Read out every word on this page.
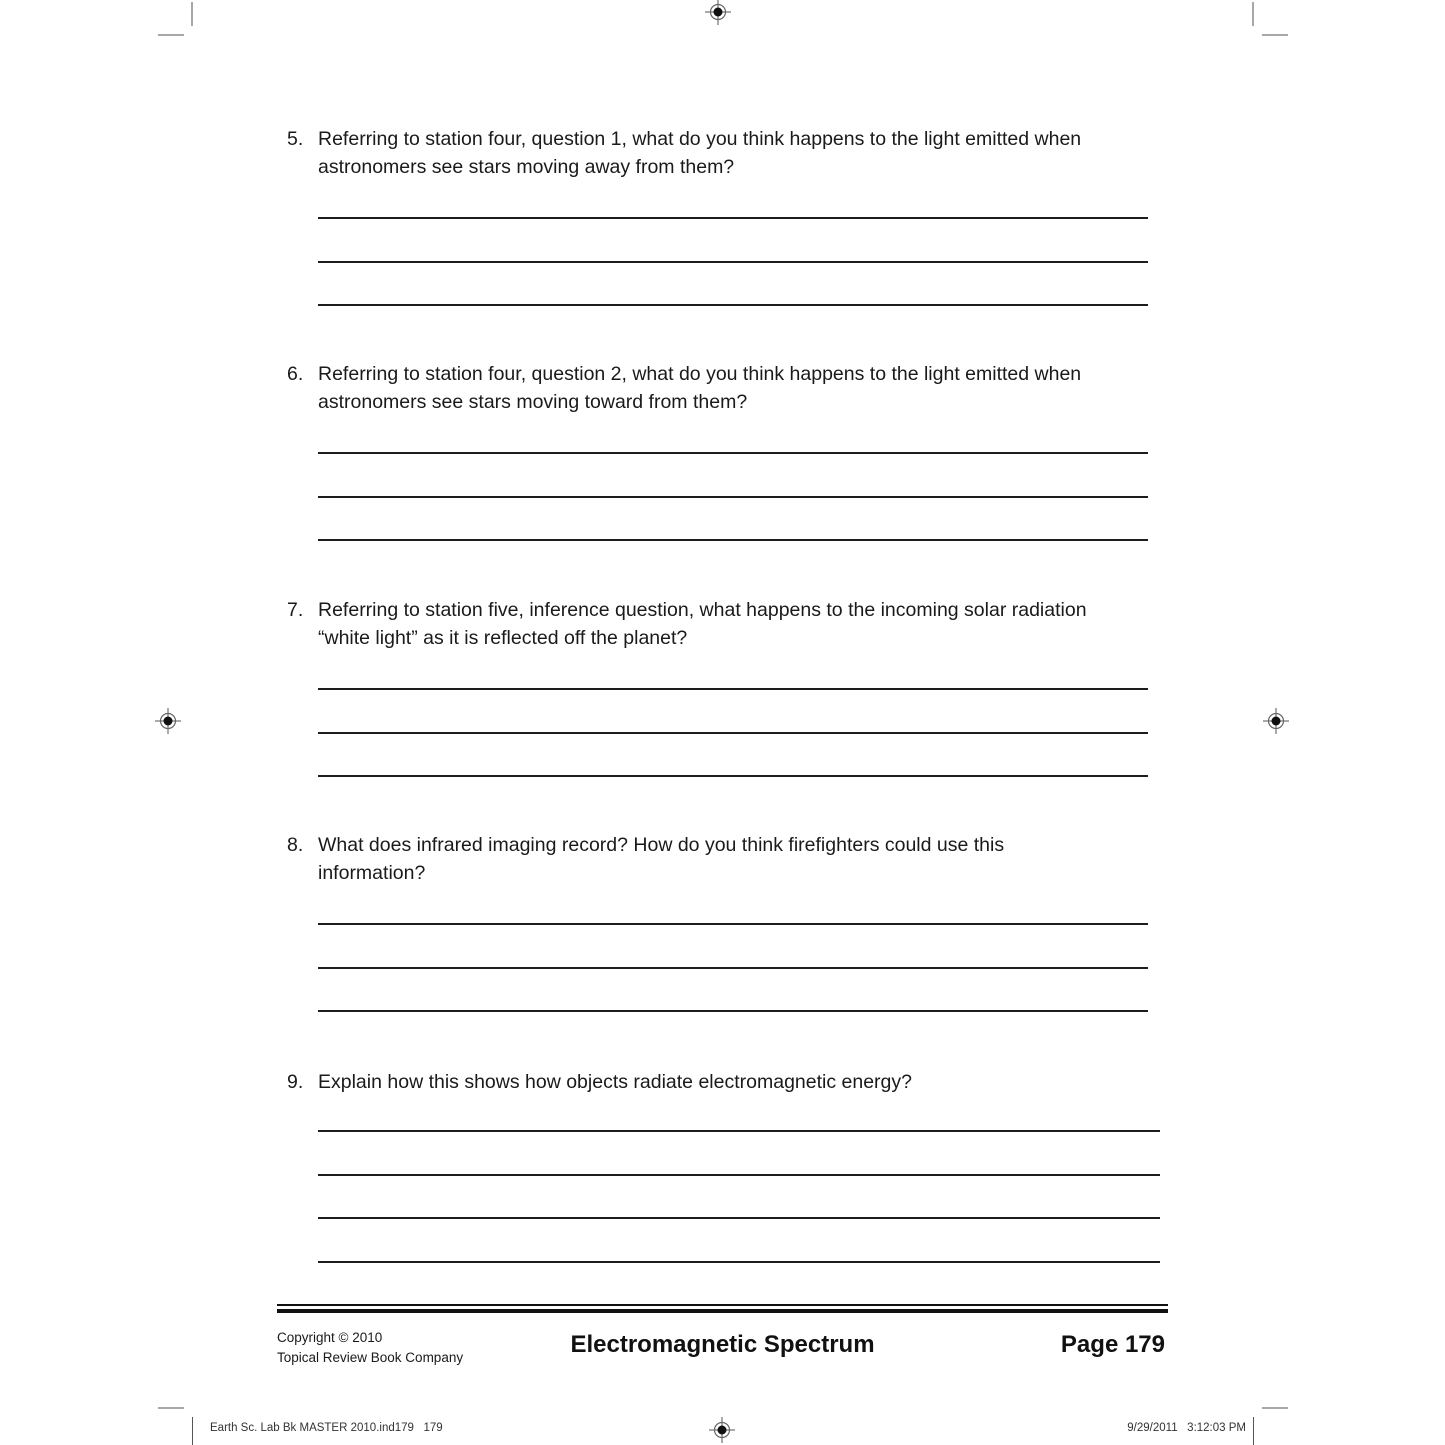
5. Referring to station four, question 1, what do you think happens to the light emitted when
astronomers see stars moving away from them?
6. Referring to station four, question 2, what do you think happens to the light emitted when
astronomers see stars moving toward from them?
7. Referring to station five, inference question, what happens to the incoming solar radiation
“white light” as it is reflected off the planet?
8. What does infrared imaging record? How do you think firefighters could use this
information?
9. Explain how this shows how objects radiate electromagnetic energy?
Copyright © 2010
Topical Review Book Company	Electromagnetic Spectrum	Page 179
Earth Sc. Lab Bk MASTER 2010.ind179   179	9/29/2011   3:12:03 PM
